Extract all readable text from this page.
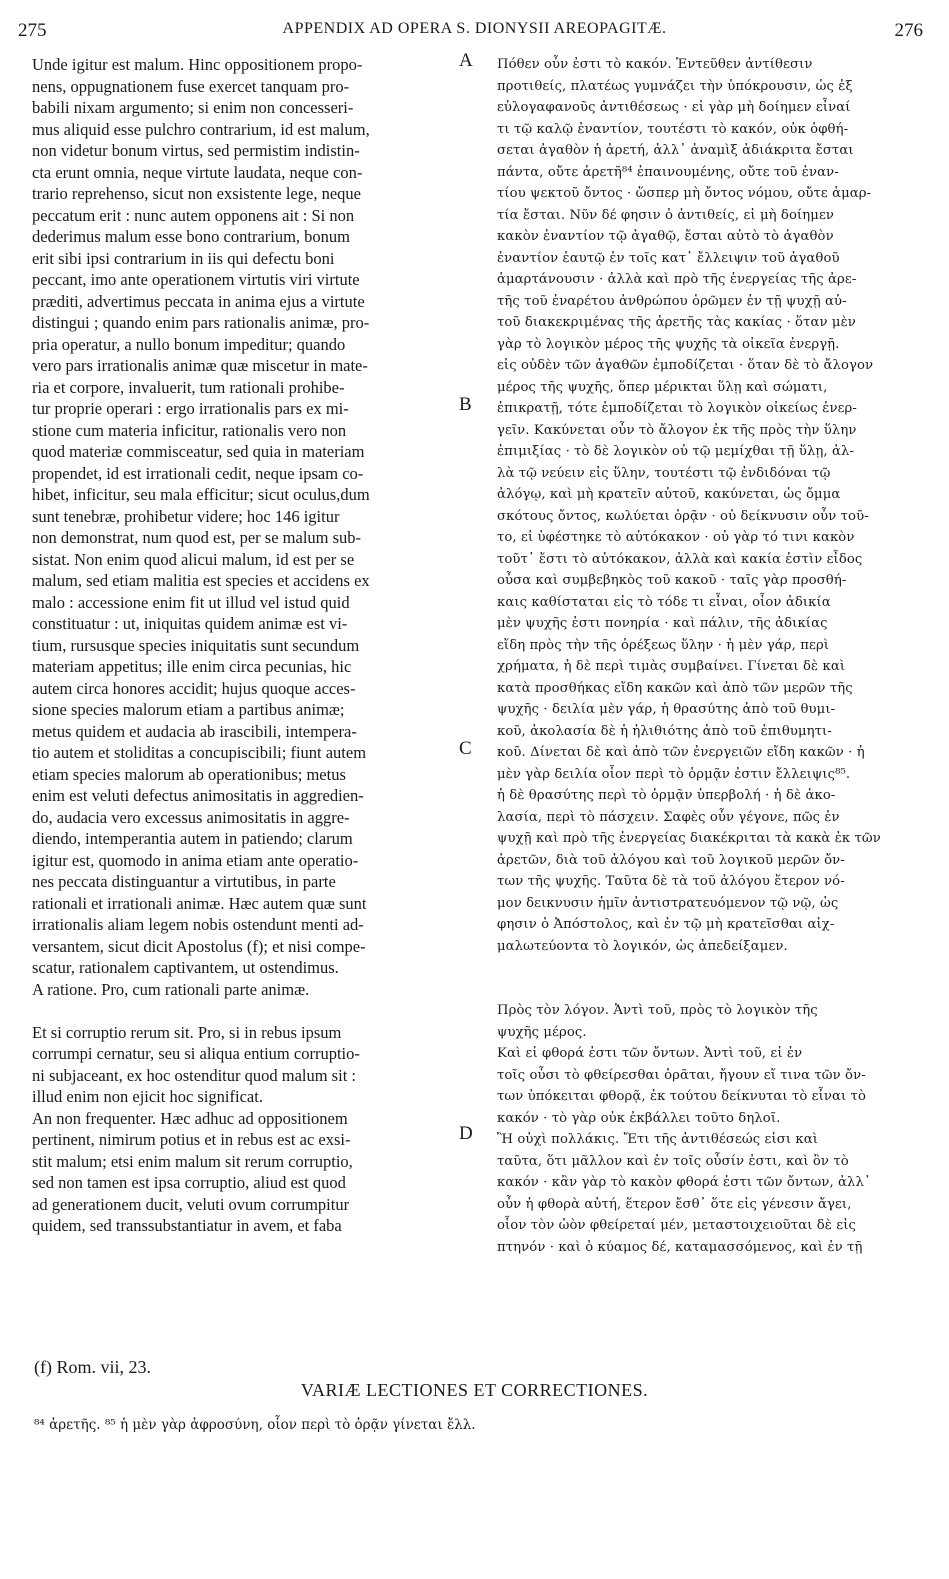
275	APPENDIX AD OPERA S. DIONYSII AREOPAGITÆ.	276
Unde igitur est malum. Hinc oppositionem propo-
nens, oppugnationem fuse exercet tanquam pro-
babili nixam argumento; si enim non concesseri-
mus aliquid esse pulchro contrarium, id est malum,
non videtur bonum virtus, sed permistim indistin-
cta erunt omnia, neque virtute laudata, neque con-
trario reprehenso, sicut non exsistente lege, neque
peccatum erit : nunc autem opponens ait : Si non
dederimus malum esse bono contrarium, bonum
erit sibi ipsi contrarium in iis qui defectu boni
peccant, imo ante operationem virtutis viri virtute
præditi, advertimus peccata in anima ejus a virtute
distingui ; quando enim pars rationalis animæ, pro-
pria operatur, a nullo bonum impeditur; quando
vero pars irrationalis animæ quæ miscetur in mate-
ria et corpore, invaluerit, tum rationali prohibe-
tur proprie operari : ergo irrationalis pars ex mi-
stione cum materia inficitur, rationalis vero non
quod materiæ commisceatur, sed quia in materiam
propendet, id est irrationali cedit, neque ipsam co-
hibet, inficitur, seu mala efficitur; sicut oculus,dum
sunt tenebræ, prohibetur videre; hoc 146 igitur
non demonstrat, num quod est, per se malum sub-
sistat. Non enim quod alicui malum, id est per se
malum, sed etiam malitia est species et accidens ex
malo : accessione enim fit ut illud vel istud quid
constituatur : ut, iniquitas quidem animæ est vi-
tium, rursusque species iniquitatis sunt secundum
materiam appetitus; ille enim circa pecunias, hic
autem circa honores accidit; hujus quoque acces-
sione species malorum etiam a partibus animæ;
metus quidem et audacia ab irascibili, intempera-
tio autem et stoliditas a concupiscibili; fiunt autem
etiam species malorum ab operationibus; metus
enim est veluti defectus animositatis in aggredien-
do, audacia vero excessus animositatis in aggre-
diendo, intemperantia autem in patiendo; clarum
igitur est, quomodo in anima etiam ante operatio-
nes peccata distinguantur a virtutibus, in parte
rationali et irrationali animæ. Hæc autem quæ sunt
irrationalis aliam legem nobis ostendunt menti ad-
versantem, sicut dicit Apostolus (f); et nisi compe-
scatur, rationalem captivantem, ut ostendimus.
A ratione. Pro, cum rationali parte animæ.
Et si corruptio rerum sit. Pro, si in rebus ipsum
corrumpi cernatur, seu si aliqua entium corruptio-
ni subjaceant, ex hoc ostenditur quod malum sit :
illud enim non ejicit hoc significat.
An non frequenter. Hæc adhuc ad oppositionem
pertinent, nimirum potius et in rebus est ac exsi-
stit malum; etsi enim malum sit rerum corruptio,
sed non tamen est ipsa corruptio, aliud est quod
ad generationem ducit, veluti ovum corrumpitur
quidem, sed transsubstantiatur in avem, et faba
Πόθεν οὖν ἐστι τὸ κακόν. Ἐντεῦθεν ἀντίθεσιν
προτιθείς, πλατέως γυμνάζει τὴν ὑπόκρουσιν, ὡς ἐξ
εὐλογαφανοῦς ἀντιθέσεως · εἰ γὰρ μὴ δοίημεν εἶναί
τι τῷ καλῷ ἐναντίον, τουτέστι τὸ κακόν, οὐκ ὀφθή-
σεται ἀγαθὸν ἡ ἀρετή, ἀλλ᾽ ἀναμὶξ ἀδιάκριτα ἔσται
πάντα, οὔτε ἀρετῆ⁸⁴ ἐπαινουμένης, οὔτε τοῦ ἐναν-
τίου ψεκτοῦ ὄντος · ὥσπερ μὴ ὄντος νόμου, οὔτε ἁμαρ-
τία ἔσται. Νῦν δέ φησιν ὁ ἀντιθείς, εἰ μὴ δοίημεν
κακὸν ἐναντίον τῷ ἀγαθῷ, ἔσται αὐτὸ τὸ ἀγαθὸν
ἐναντίον ἑαυτῷ ἐν τοῖς κατ᾽ ἔλλειψιν τοῦ ἀγαθοῦ
ἁμαρτάνουσιν · ἀλλὰ καὶ πρὸ τῆς ἐνεργείας τῆς ἀρε-
τῆς τοῦ ἐναρέτου ἀνθρώπου ὁρῶμεν ἐν τῇ ψυχῇ αὐ-
τοῦ διακεκριμένας τῆς ἀρετῆς τὰς κακίας · ὅταν μὲν
γὰρ τὸ λογικὸν μέρος τῆς ψυχῆς τὰ οἰκεῖα ἐνεργῇ.
εἰς οὐδὲν τῶν ἀγαθῶν ἐμποδίζεται · ὅταν δὲ τὸ ἄλογον
μέρος τῆς ψυχῆς, ὅπερ μέρικται ὕλῃ καὶ σώματι,
ἐπικρατῇ, τότε ἐμποδίζεται τὸ λογικὸν οἰκείως ἐνερ-
γεῖν. Κακύνεται οὖν τὸ ἄλογον ἐκ τῆς πρὸς τὴν ὕλην
ἐπιμιξίας · τὸ δὲ λογικὸν οὐ τῷ μεμίχθαι τῇ ὕλῃ, ἀλ-
λὰ τῷ νεύειν εἰς ὕλην, τουτέστι τῷ ἐνδιδόναι τῷ
ἀλόγῳ, καὶ μὴ κρατεῖν αὐτοῦ, κακύνεται, ὡς ὄμμα
σκότους ὄντος, κωλύεται ὁρᾷν · οὐ δείκνυσιν οὖν τοῦ-
το, εἰ ὑφέστηκε τὸ αὐτόκακον · οὐ γὰρ τό τινι κακὸν
τοῦτ᾽ ἔστι τὸ αὐτόκακον, ἀλλὰ καὶ κακία ἐστὶν εἶδος
οὖσα καὶ συμβεβηκὸς τοῦ κακοῦ · ταῖς γὰρ προσθή-
καις καθίσταται εἰς τὸ τόδε τι εἶναι, οἷον ἀδικία
μὲν ψυχῆς ἐστι πονηρία · καὶ πάλιν, τῆς ἀδικίας
εἴδη πρὸς τὴν τῆς ὀρέξεως ὕλην · ἡ μὲν γάρ, περὶ
χρήματα, ἡ δὲ περὶ τιμὰς συμβαίνει. Γίνεται δὲ καὶ
κατὰ προσθήκας εἴδη κακῶν καὶ ἀπὸ τῶν μερῶν τῆς
ψυχῆς · δειλία μὲν γάρ, ἡ θρασύτης ἀπὸ τοῦ θυμι-
κοῦ, ἀκολασία δὲ ἡ ἠλιθιότης ἀπὸ τοῦ ἐπιθυμητι-
κοῦ. Δίνεται δὲ καὶ ἀπὸ τῶν ἐνεργειῶν εἴδη κακῶν · ἡ
μὲν γὰρ δειλία οἷον περὶ τὸ ὁρμᾷν ἐστιν ἔλλειψις⁸⁵.
ἡ δὲ θρασύτης περὶ τὸ ὁρμᾷν ὑπερβολή · ἡ δὲ ἀκο-
λασία, περὶ τὸ πάσχειν. Σαφὲς οὖν γέγονε, πῶς ἐν
ψυχῇ καὶ πρὸ τῆς ἐνεργείας διακέκριται τὰ κακὰ ἐκ τῶν
ἀρετῶν, διὰ τοῦ ἀλόγου καὶ τοῦ λογικοῦ μερῶν ὄν-
των τῆς ψυχῆς. Ταῦτα δὲ τὰ τοῦ ἀλόγου ἕτερον νό-
μον δεικνυσιν ἡμῖν ἀντιστρατευόμενον τῷ νῷ, ὡς
φησιν ὁ Ἀπόστολος, καὶ ἐν τῷ μὴ κρατεῖσθαι αἰχ-
μαλωτεύοντα τὸ λογικόν, ὡς ἀπεδείξαμεν.
Πρὸς τὸν λόγον. Ἀντὶ τοῦ, πρὸς τὸ λογικὸν τῆς
ψυχῆς μέρος.
Καὶ εἰ φθορά ἐστι τῶν ὄντων. Ἀντὶ τοῦ, εἰ ἐν
τοῖς οὖσι τὸ φθείρεσθαι ὁρᾶται, ἤγουν εἴ τινα τῶν ὄν-
των ὑπόκειται φθορᾷ, ἐκ τούτου δείκνυται τὸ εἶναι τὸ
κακόν · τὸ γὰρ οὐκ ἐκβάλλει τοῦτο δηλοῖ.
Ἢ οὐχὶ πολλάκις. Ἔτι τῆς ἀντιθέσεώς εἰσι καὶ
ταῦτα, ὅτι μᾶλλον καὶ ἐν τοῖς οὖσίν ἐστι, καὶ ὂν τὸ
κακόν · κἂν γὰρ τὸ κακὸν φθορά ἐστι τῶν ὄντων, ἀλλ᾽
οὖν ἡ φθορὰ αὐτή, ἕτερον ἔσθ᾽ ὅτε εἰς γένεσιν ἄγει,
οἷον τὸν ὠὸν φθείρεταί μέν, μεταστοιχειοῦται δὲ εἰς
πτηνόν · καὶ ὁ κύαμος δέ, καταμασσόμενος, καὶ ἐν τῇ
A
B
C
D
(f) Rom. vii, 23.
VARIÆ LECTIONES ET CORRECTIONES.
⁸⁴ ἀρετῆς. ⁸⁵ ἡ μὲν γὰρ ἀφροσύνη, οἷον περὶ τὸ ὁρᾷν γίνεται ἔλλ.
